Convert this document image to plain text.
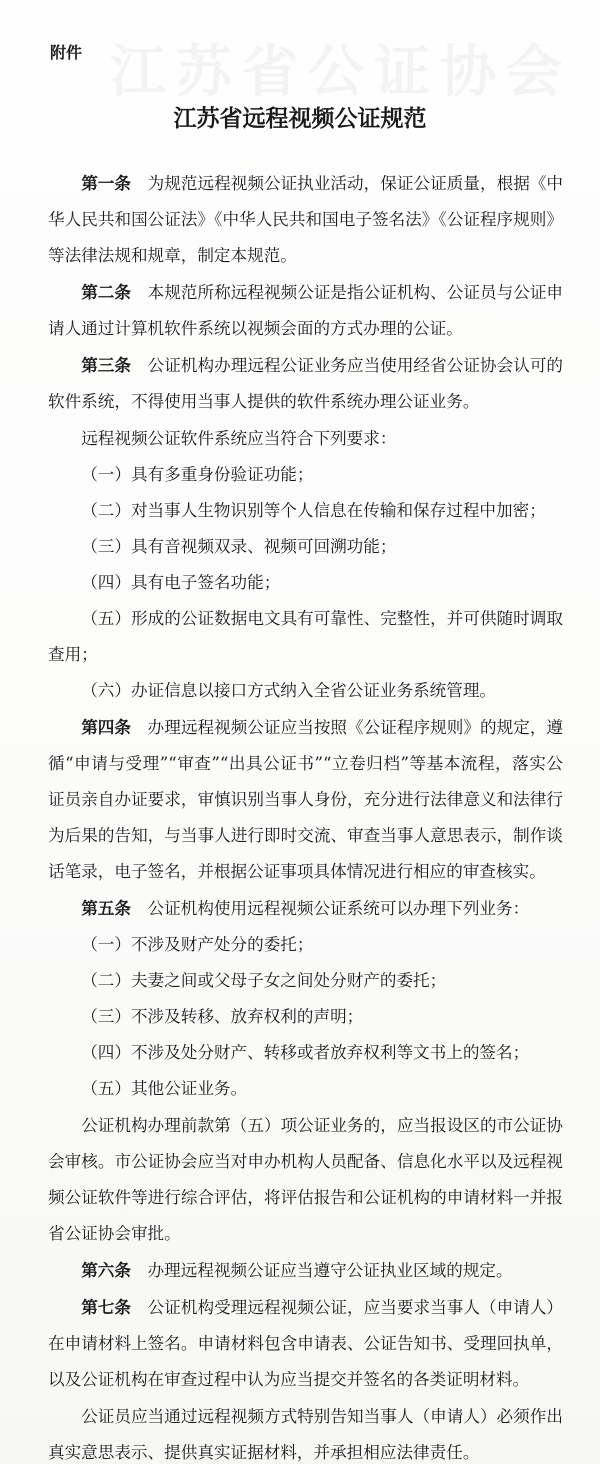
附件
江苏省远程视频公证规范

第一条　 为规范远程视频公证执业活动，保证公证质量，根据《中华人民共和国公证法》《中华人民共和国电子签名法》《公证程序规则》等法律法规和规章，制定本规范。

第二条　 本规范所称远程视频公证是指公证机构、公证员与公证申请人通过计算机软件系统以视频会面的方式办理的公证。

第三条　 公证机构办理远程公证业务应当使用经省公证协会认可的软件系统，不得使用当事人提供的软件系统办理公证业务。

远程视频公证软件系统应当符合下列要求：

（一）具有多重身份验证功能；

（二）对当事人生物识别等个人信息在传输和保存过程中加密；

（三）具有音视频双录、视频可回溯功能；

（四）具有电子签名功能；

（五）形成的公证数据电文具有可靠性、完整性，并可供随时调取查用；

（六）办证信息以接口方式纳入全省公证业务系统管理。

第四条　 办理远程视频公证应当按照《公证程序规则》的规定，遵循“申请与受理”“审查”“出具公证书”“立卷归档”等基本流程，落实公证员亲自办证要求，审慎识别当事人身份，充分进行法律意义和法律行为后果的告知，与当事人进行即时交流、审查当事人意思表示，制作谈话笔录，电子签名，并根据公证事项具体情况进行相应的审查核实。

第五条　 公证机构使用远程视频公证系统可以办理下列业务：

（一）不涉及财产处分的委托；

（二）夫妻之间或父母子女之间处分财产的委托；

（三）不涉及转移、放弃权利的声明；

（四）不涉及处分财产、转移或者放弃权利等文书上的签名；

（五）其他公证业务。

公证机构办理前款第（五）项公证业务的，应当报设区的市公证协会审核。市公证协会应当对申办机构人员配备、信息化水平以及远程视频公证软件等进行综合评估，将评估报告和公证机构的申请材料一并报省公证协会审批。

第六条　 办理远程视频公证应当遵守公证执业区域的规定。

第七条　 公证机构受理远程视频公证，应当要求当事人（申请人）在申请材料上签名。申请材料包含申请表、公证告知书、受理回执单，以及公证机构在审查过程中认为应当提交并签名的各类证明材料。

公证员应当通过远程视频方式特别告知当事人（申请人）必须作出真实意思表示、提供真实证据材料，并承担相应法律责任。
